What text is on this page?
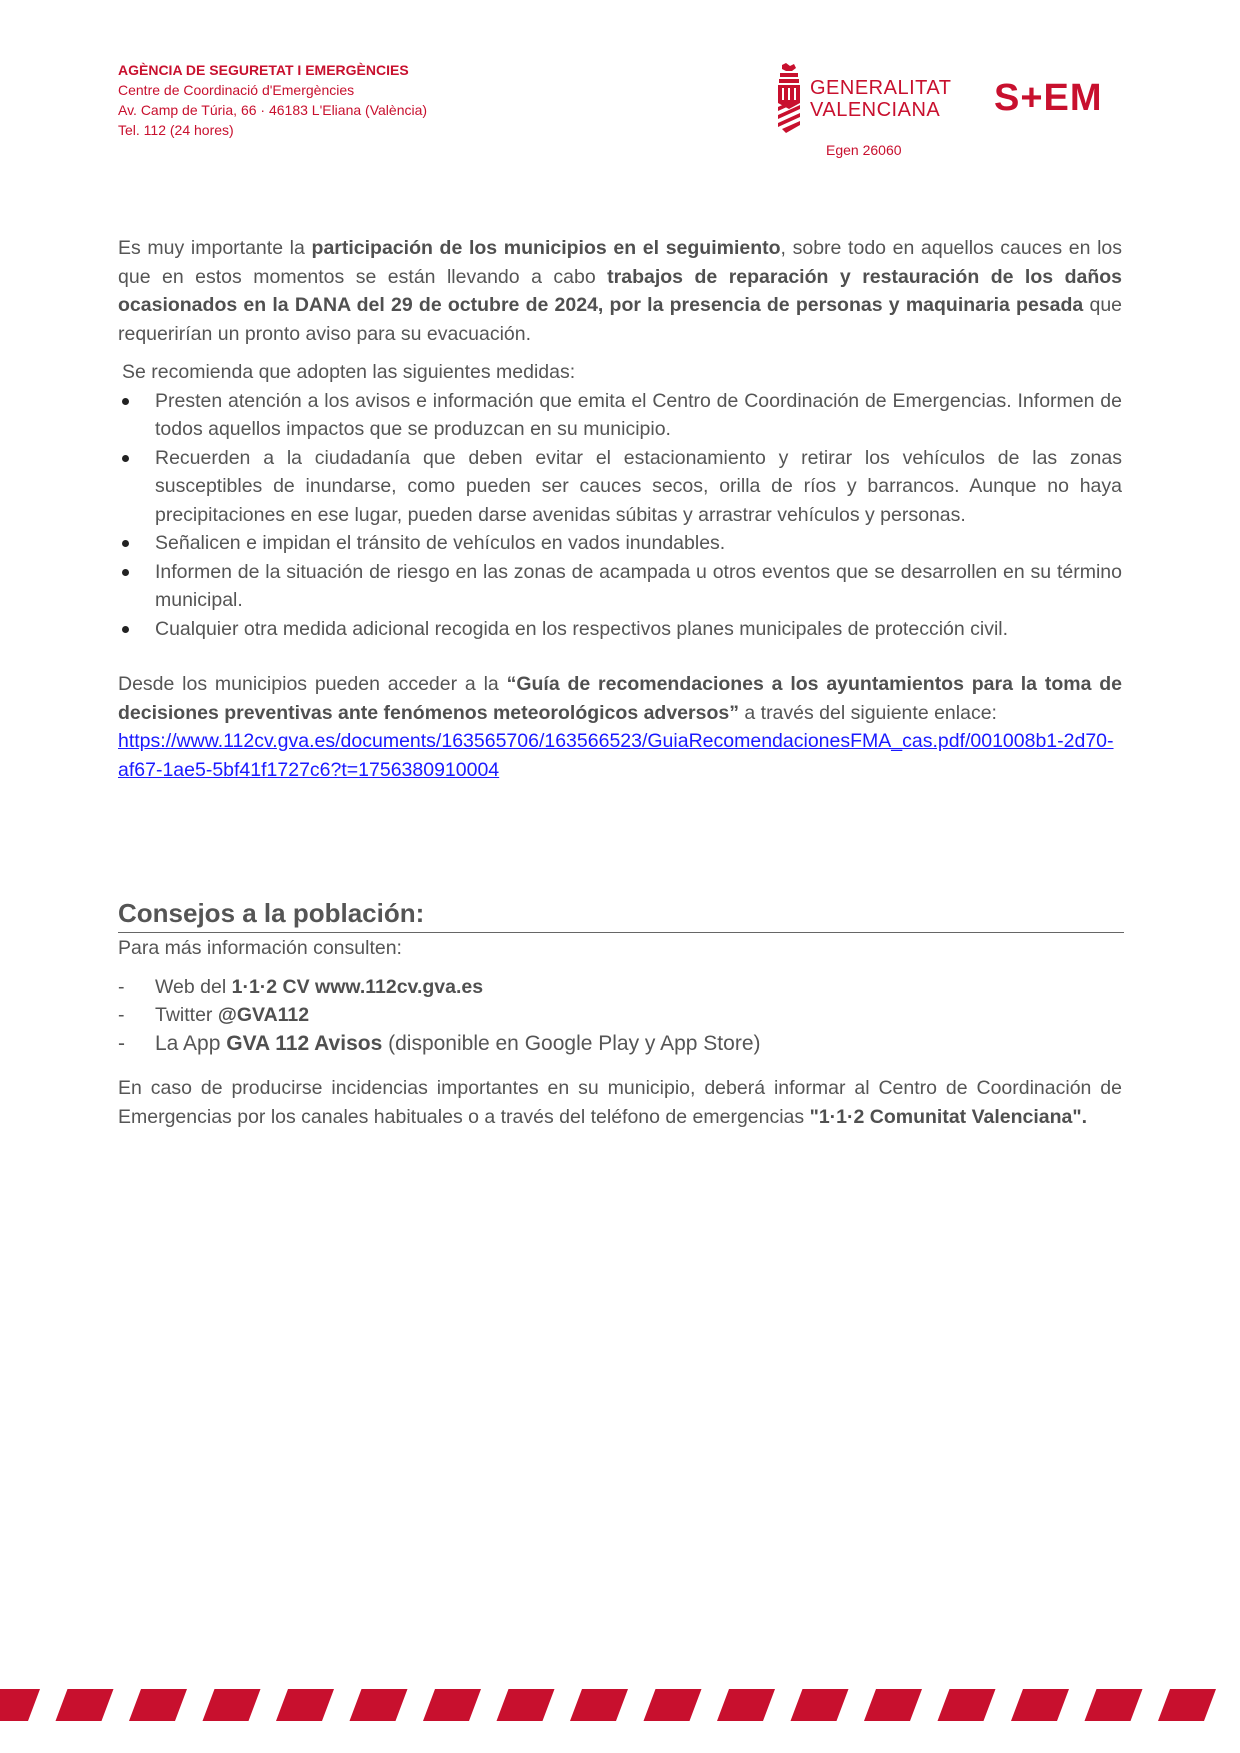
AGÈNCIA DE SEGURETAT I EMERGÈNCIES
Centre de Coordinació d'Emergències
Av. Camp de Túria, 66 · 46183 L'Eliana (València)
Tel. 112 (24 hores)
GENERALITAT
VALENCIANA S+EM
Egen 26060
Es muy importante la participación de los municipios en el seguimiento, sobre todo en aquellos cauces en los que en estos momentos se están llevando a cabo trabajos de reparación y restauración de los daños ocasionados en la DANA del 29 de octubre de 2024, por la presencia de personas y maquinaria pesada que requerirían un pronto aviso para su evacuación.
Se recomienda que adopten las siguientes medidas:
Presten atención a los avisos e información que emita el Centro de Coordinación de Emergencias. Informen de todos aquellos impactos que se produzcan en su municipio.
Recuerden a la ciudadanía que deben evitar el estacionamiento y retirar los vehículos de las zonas susceptibles de inundarse, como pueden ser cauces secos, orilla de ríos y barrancos. Aunque no haya precipitaciones en ese lugar, pueden darse avenidas súbitas y arrastrar vehículos y personas.
Señalicen e impidan el tránsito de vehículos en vados inundables.
Informen de la situación de riesgo en las zonas de acampada u otros eventos que se desarrollen en su término municipal.
Cualquier otra medida adicional recogida en los respectivos planes municipales de protección civil.
Desde los municipios pueden acceder a la “Guía de recomendaciones a los ayuntamientos para la toma de decisiones preventivas ante fenómenos meteorológicos adversos” a través del siguiente enlace:
https://www.112cv.gva.es/documents/163565706/163566523/GuiaRecomendacionesFMA_cas.pdf/001008b1-2d70-af67-1ae5-5bf41f1727c6?t=1756380910004
Consejos a la población:
Para más información consulten:
- Web del 1·1·2 CV www.112cv.gva.es
- Twitter @GVA112
- La App GVA 112 Avisos (disponible en Google Play y App Store)
En caso de producirse incidencias importantes en su municipio, deberá informar al Centro de Coordinación de Emergencias por los canales habituales o a través del teléfono de emergencias "1·1·2 Comunitat Valenciana".
